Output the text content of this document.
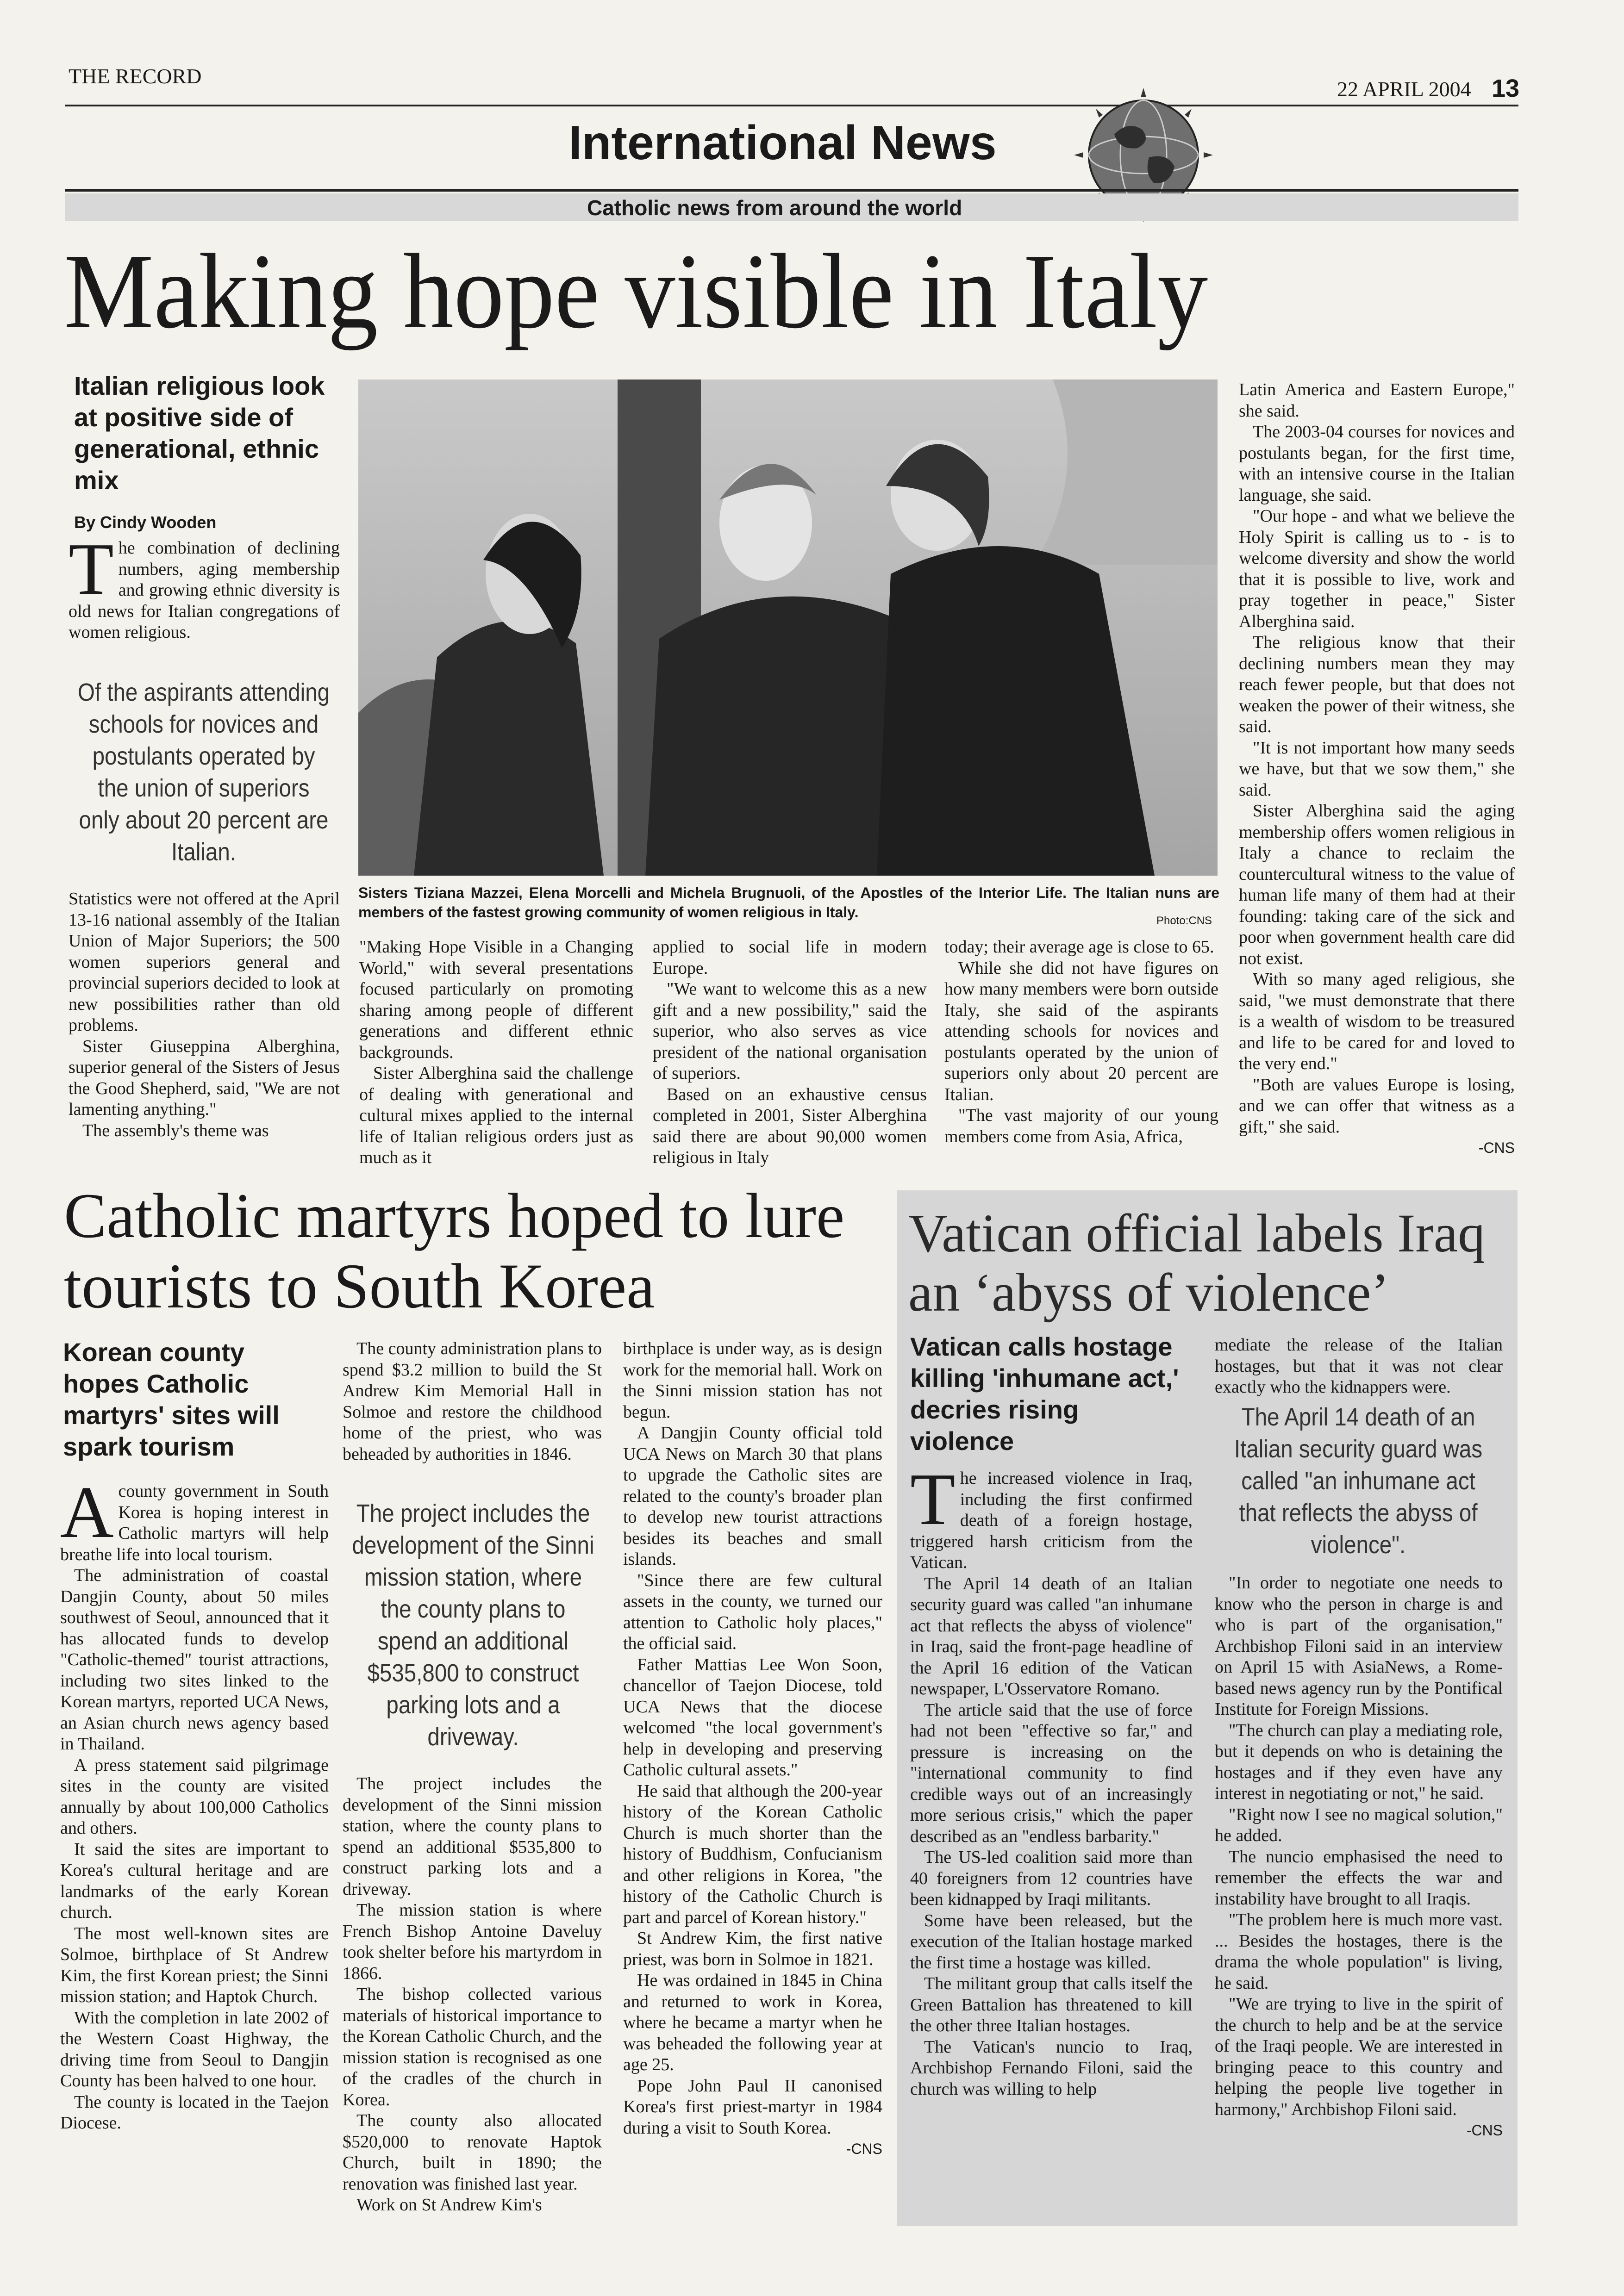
THE RECORD
22 APRIL 2004 13
International News
Catholic news from around the world
Making hope visible in Italy
Italian religious look at positive side of generational, ethnic mix
By Cindy Wooden
The combination of declining numbers, aging membership and growing ethnic diversity is old news for Italian congregations of women religious.
Of the aspirants attending schools for novices and postulants operated by the union of superiors only about 20 percent are Italian.

Statistics were not offered at the April 13-16 national assembly of the Italian Union of Major Superiors; the 500 women superiors general and provincial superiors decided to look at new possibilities rather than old problems.

Sister Giuseppina Alberghina, superior general of the Sisters of Jesus the Good Shepherd, said, "We are not lamenting anything."

The assembly's theme was

Sisters Tiziana Mazzei, Elena Morcelli and Michela Brugnuoli, of the Apostles of the Interior Life. The Italian nuns are members of the fastest growing community of women religious in Italy.
Photo:CNS

"Making Hope Visible in a Changing World," with several presentations focused particularly on promoting sharing among people of different generations and different ethnic backgrounds.

Sister Alberghina said the challenge of dealing with generational and cultural mixes applied to the internal life of Italian religious orders just as much as it

applied to social life in modern Europe.

"We want to welcome this as a new gift and a new possibility," said the superior, who also serves as vice president of the national organisation of superiors.

Based on an exhaustive census completed in 2001, Sister Alberghina said there are about 90,000 women religious in Italy

today; their average age is close to 65.

While she did not have figures on how many members were born outside Italy, she said of the aspirants attending schools for novices and postulants operated by the union of superiors only about 20 percent are Italian.

"The vast majority of our young members come from Asia, Africa,

Latin America and Eastern Europe," she said.

The 2003-04 courses for novices and postulants began, for the first time, with an intensive course in the Italian language, she said.

"Our hope - and what we believe the Holy Spirit is calling us to - is to welcome diversity and show the world that it is possible to live, work and pray together in peace," Sister Alberghina said.

The religious know that their declining numbers mean they may reach fewer people, but that does not weaken the power of their witness, she said.

"It is not important how many seeds we have, but that we sow them," she said.

Sister Alberghina said the aging membership offers women religious in Italy a chance to reclaim the countercultural witness to the value of human life many of them had at their founding: taking care of the sick and poor when government health care did not exist.

With so many aged religious, she said, "we must demonstrate that there is a wealth of wisdom to be treasured and life to be cared for and loved to the very end."

"Both are values Europe is losing, and we can offer that witness as a gift," she said.

-CNS
Catholic martyrs hoped to lure
tourists to South Korea
Korean county hopes Catholic martyrs' sites will spark tourism
Acounty government in South Korea is hoping interest in Catholic martyrs will help breathe life into local tourism.

The administration of coastal Dangjin County, about 50 miles southwest of Seoul, announced that it has allocated funds to develop "Catholic-themed" tourist attractions, including two sites linked to the Korean martyrs, reported UCA News, an Asian church news agency based in Thailand.

A press statement said pilgrimage sites in the county are visited annually by about 100,000 Catholics and others.

It said the sites are important to Korea's cultural heritage and are landmarks of the early Korean church.

The most well-known sites are Solmoe, birthplace of St Andrew Kim, the first Korean priest; the Sinni mission station; and Haptok Church.

With the completion in late 2002 of the Western Coast Highway, the driving time from Seoul to Dangjin County has been halved to one hour.

The county is located in the Taejon Diocese.

The county administration plans to spend $3.2 million to build the St Andrew Kim Memorial Hall in Solmoe and restore the childhood home of the priest, who was beheaded by authorities in 1846.

The project includes the development of the Sinni mission station, where the county plans to spend an additional $535,800 to construct parking lots and a driveway.

The project includes the development of the Sinni mission station, where the county plans to spend an additional $535,800 to construct parking lots and a driveway.

The mission station is where French Bishop Antoine Daveluy took shelter before his martyrdom in 1866.

The bishop collected various materials of historical importance to the Korean Catholic Church, and the mission station is recognised as one of the cradles of the church in Korea.

The county also allocated $520,000 to renovate Haptok Church, built in 1890; the renovation was finished last year.

Work on St Andrew Kim's

birthplace is under way, as is design work for the memorial hall. Work on the Sinni mission station has not begun.

A Dangjin County official told UCA News on March 30 that plans to upgrade the Catholic sites are related to the county's broader plan to develop new tourist attractions besides its beaches and small islands.

"Since there are few cultural assets in the county, we turned our attention to Catholic holy places," the official said.

Father Mattias Lee Won Soon, chancellor of Taejon Diocese, told UCA News that the diocese welcomed "the local government's help in developing and preserving Catholic cultural assets."

He said that although the 200-year history of the Korean Catholic Church is much shorter than the history of Buddhism, Confucianism and other religions in Korea, "the history of the Catholic Church is part and parcel of Korean history."

St Andrew Kim, the first native priest, was born in Solmoe in 1821.

He was ordained in 1845 in China and returned to work in Korea, where he became a martyr when he was beheaded the following year at age 25.

Pope John Paul II canonised Korea's first priest-martyr in 1984 during a visit to South Korea.

-CNS
Vatican official labels Iraq
an ‘abyss of violence’
Vatican calls hostage killing 'inhumane act,' decries rising violence
The increased violence in Iraq, including the first confirmed death of a foreign hostage, triggered harsh criticism from the Vatican.

The April 14 death of an Italian security guard was called "an inhumane act that reflects the abyss of violence" in Iraq, said the front-page headline of the April 16 edition of the Vatican newspaper, L'Osservatore Romano.

The article said that the use of force had not been "effective so far," and pressure is increasing on the "international community to find credible ways out of an increasingly more serious crisis," which the paper described as an "endless barbarity."

The US-led coalition said more than 40 foreigners from 12 countries have been kidnapped by Iraqi militants.

Some have been released, but the execution of the Italian hostage marked the first time a hostage was killed.

The militant group that calls itself the Green Battalion has threatened to kill the other three Italian hostages.

The Vatican's nuncio to Iraq, Archbishop Fernando Filoni, said the church was willing to help

mediate the release of the Italian hostages, but that it was not clear exactly who the kidnappers were.

The April 14 death of an Italian security guard was called "an inhumane act that reflects the abyss of violence".

"In order to negotiate one needs to know who the person in charge is and who is part of the organisation," Archbishop Filoni said in an interview on April 15 with AsiaNews, a Rome-based news agency run by the Pontifical Institute for Foreign Missions.

"The church can play a mediating role, but it depends on who is detaining the hostages and if they even have any interest in negotiating or not," he said.

"Right now I see no magical solution," he added.

The nuncio emphasised the need to remember the effects the war and instability have brought to all Iraqis.

"The problem here is much more vast. ... Besides the hostages, there is the drama the whole population" is living, he said.

"We are trying to live in the spirit of the church to help and be at the service of the Iraqi people. We are interested in bringing peace to this country and helping the people live together in harmony," Archbishop Filoni said.

-CNS
